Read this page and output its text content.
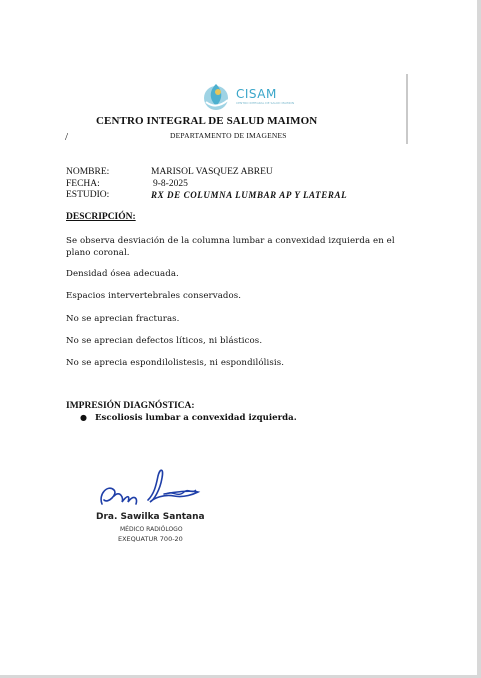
CISAM
CENTRO INTEGRAL DE SALUD MAIMON
CENTRO INTEGRAL DE SALUD MAIMON
/	DEPARTAMENTO DE IMAGENES
NOMBRE:	MARISOL VASQUEZ ABREU
FECHA:	9-8-2025
ESTUDIO:	RX DE COLUMNA LUMBAR AP Y LATERAL
DESCRIPCIÓN:
Se observa desviación de la columna lumbar a convexidad izquierda en el plano coronal.
Densidad ósea adecuada.
Espacios intervertebrales conservados.
No se aprecian fracturas.
No se aprecian defectos líticos, ni blásticos.
No se aprecia espondilolistesis, ni espondilólisis.
IMPRESIÓN DIAGNÓSTICA:
● Escoliosis lumbar a convexidad izquierda.
Dra. Sawilka Santana
MÉDICO RADIÓLOGO
EXEQUATUR 700-20
